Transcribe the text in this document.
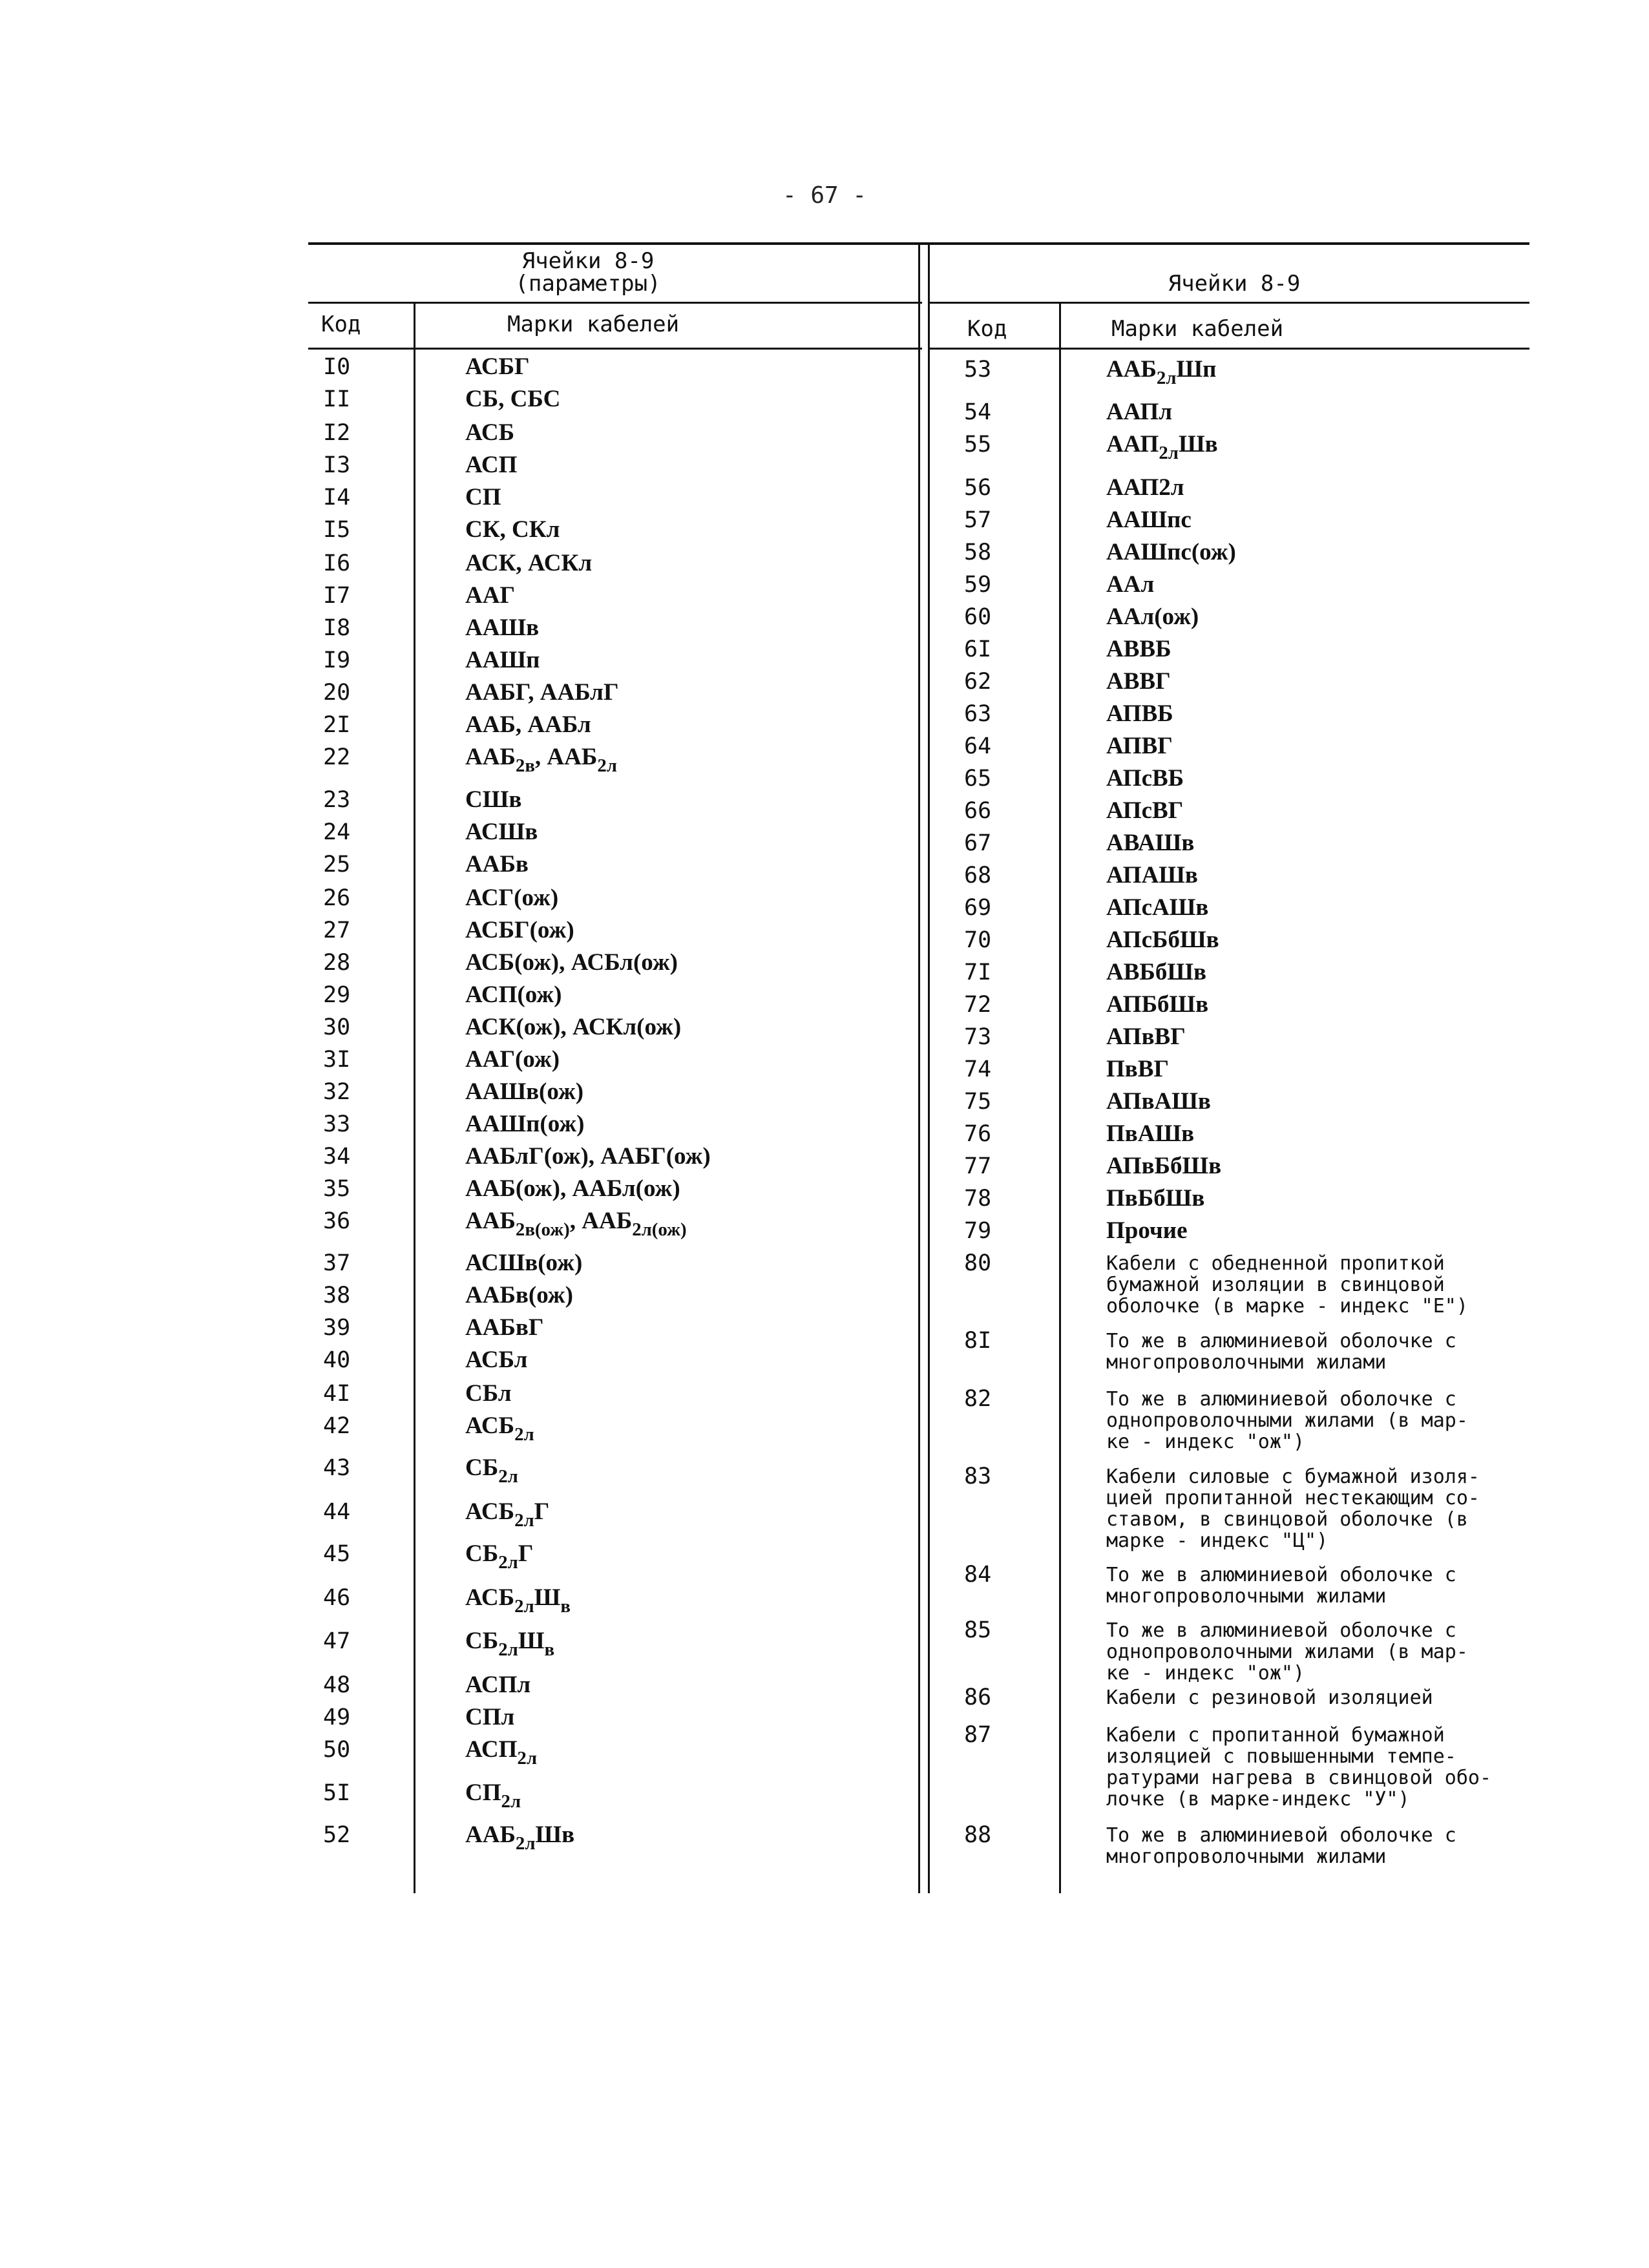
- 67 -
Ячейки 8-9
(параметры)
Код	Марки кабелей
Ячейки 8-9
Код	Марки кабелей
I0	АСБГ
II	СБ, СБС
I2	АСБ
I3	АСП
I4	СП
I5	СК, СКл
I6	АСК, АСКл
I7	ААГ
I8	ААШв
I9	ААШп
20	ААБГ, ААБлГ
2I	ААБ, ААБл
22	$ААБ_{2в}$, $ААБ_{2л}$
23	СШв
24	АСШв
25	ААБв
26	АСГ(ож)
27	АСБГ(ож)
28	АСБ(ож), АСБл(ож)
29	АСП(ож)
30	АСК(ож), АСКл(ож)
3I	ААГ(ож)
32	ААШв(ож)
33	ААШп(ож)
34	ААБлГ(ож), ААБГ(ож)
35	ААБ(ож), ААБл(ож)
36	$ААБ_{2в(ож)}$, $ААБ_{2л(ож)}$
37	АСШв(ож)
38	ААБв(ож)
39	ААБвГ
40	АСБл
4I	СБл
42	$АСБ_{2л}$
43	$СБ_{2л}$
44	$АСБ_{2л}Г$
45	$СБ_{2л}Г$
46	$АСБ_{2л}Ш_в$
47	$СБ_{2л}Ш_в$
48	АСПл
49	СПл
50	$АСП_{2л}$
5I	$СП_{2л}$
52	$ААБ_{2л}Шв$
53	$ААБ_{2л}Шп$
54	ААПл
55	$ААП_{2л}Шв$
56	ААП2л
57	ААШпс
58	ААШпс(ож)
59	ААл
60	ААл(ож)
6I	АВВБ
62	АВВГ
63	АПВБ
64	АПВГ
65	АПсВБ
66	АПсВГ
67	АВАШв
68	АПАШв
69	АПсАШв
70	АПсБбШв
7I	АВБбШв
72	АПБбШв
73	АПвВГ
74	ПвВГ
75	АПвАШв
76	ПвАШв
77	АПвБбШв
78	ПвБбШв
79	Прочие
80	Кабели с обедненной пропиткой
бумажной изоляции в свинцовой
оболочке (в марке - индекс "Е")
8I	То же в алюминиевой оболочке с
многопроволочными жилами
82	То же в алюминиевой оболочке с
однопроволочными жилами (в мар-
ке - индекс "ож")
83	Кабели силовые с бумажной изоля-
цией пропитанной нестекающим со-
ставом, в свинцовой оболочке (в
марке - индекс "Ц")
84	То же в алюминиевой оболочке с
многопроволочными жилами
85	То же в алюминиевой оболочке с
однопроволочными жилами (в мар-
ке - индекс "ож")
86	Кабели с резиновой изоляцией
87	Кабели с пропитанной бумажной
изоляцией с повышенными темпе-
ратурами нагрева в свинцовой обо-
лочке (в марке-индекс "У")
88	То же в алюминиевой оболочке с
многопроволочными жилами
